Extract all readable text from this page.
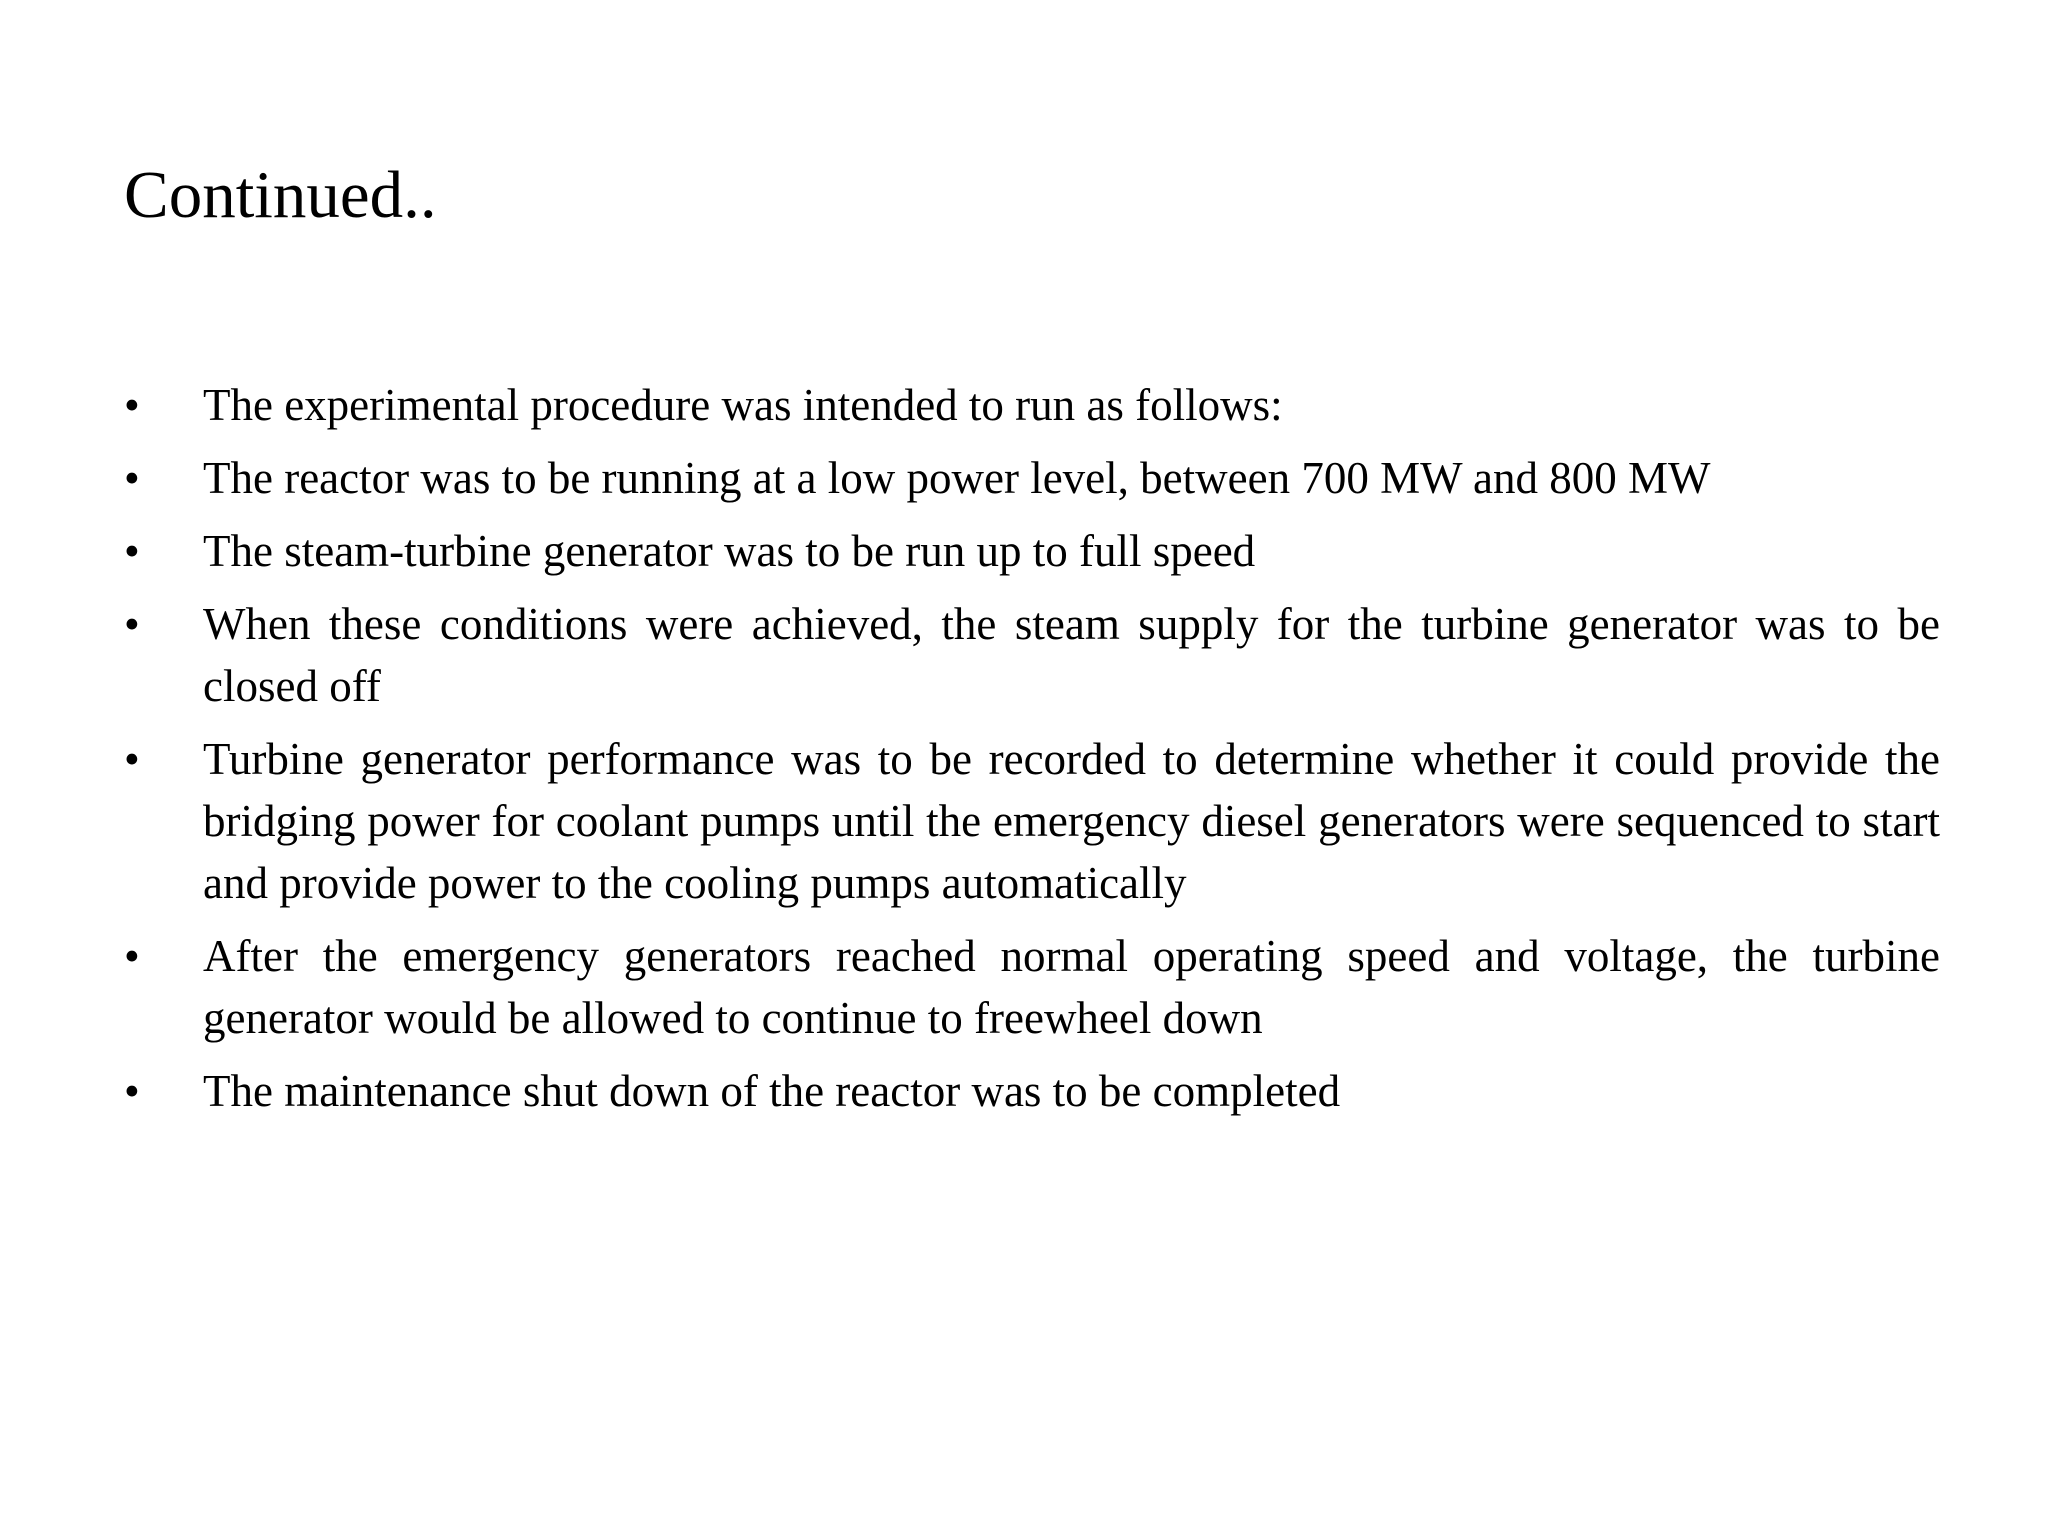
Continued..
• The experimental procedure was intended to run as follows:
• The reactor was to be running at a low power level, between 700 MW and 800 MW
• The steam-turbine generator was to be run up to full speed
• When these conditions were achieved, the steam supply for the turbine generator was to be closed off
• Turbine generator performance was to be recorded to determine whether it could provide the bridging power for coolant pumps until the emergency diesel generators were sequenced to start and provide power to the cooling pumps automatically
• After the emergency generators reached normal operating speed and voltage, the turbine generator would be allowed to continue to freewheel down
• The maintenance shut down of the reactor was to be completed
